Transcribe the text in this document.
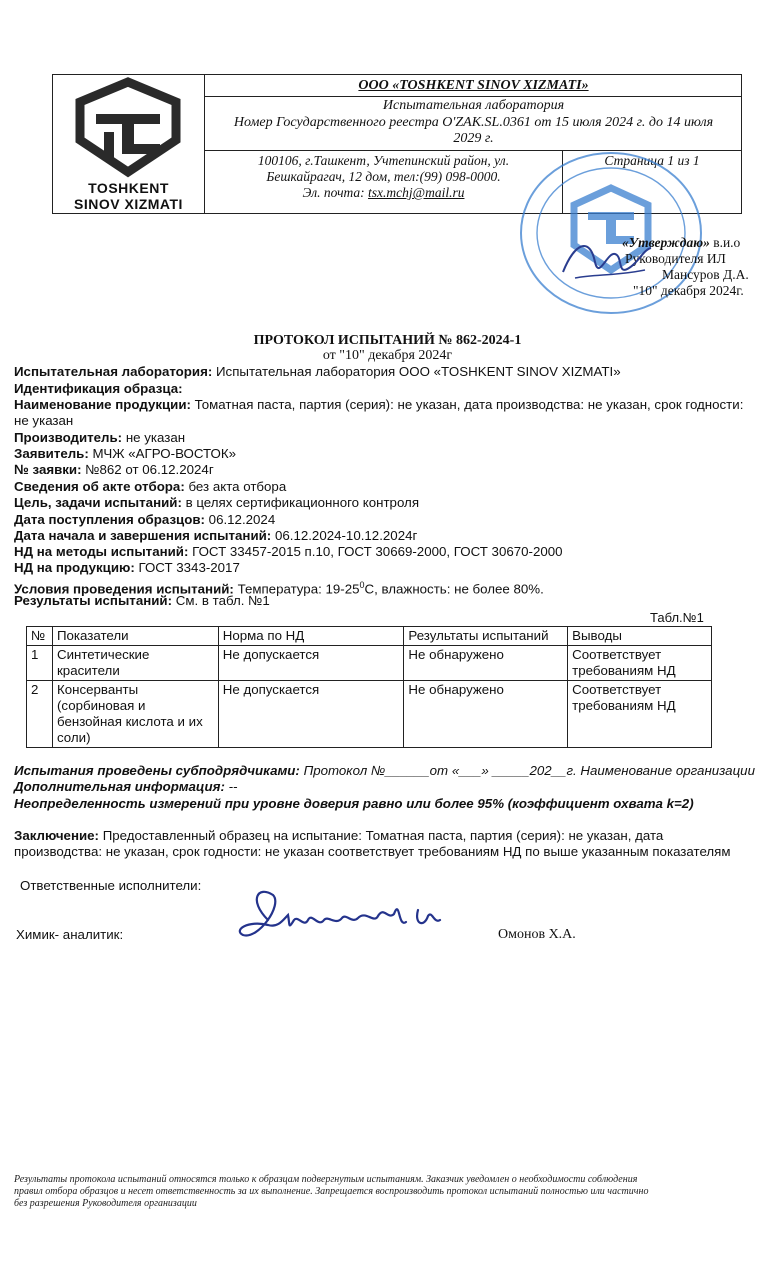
TOSHKENT
SINOV XIZMATI
ООО «TOSHKENT SINOV XIZMATI»
Испытательная лаборатория
Номер Государственного реестра O'ZAK.SL.0361 от 15 июля 2024 г. до 14 июля
2029 г.
100106, г.Ташкент, Учтепинский район, ул.
Бешкайрагач, 12 дом, тел:(99) 098-0000.
Эл. почта: tsx.mchj@mail.ru
Страница 1 из 1
«Утверждаю» в.и.о
Руководителя ИЛ
Мансуров Д.А.
"10" декабря 2024г.
ПРОТОКОЛ ИСПЫТАНИЙ № 862-2024-1
от "10" декабря 2024г
Испытательная лаборатория: Испытательная лаборатория ООО «TOSHKENT SINOV XIZMATI»
Идентификация образца:
Наименование продукции: Томатная паста, партия (серия): не указан, дата производства: не указан, срок годности:
не указан
Производитель: не указан
Заявитель: МЧЖ «АГРО-ВОСТОК»
№ заявки: №862 от 06.12.2024г
Сведения об акте отбора: без акта отбора
Цель, задачи испытаний: в целях сертификационного контроля
Дата поступления образцов: 06.12.2024
Дата начала и завершения испытаний: 06.12.2024-10.12.2024г
НД на методы испытаний: ГОСТ 33457-2015 п.10, ГОСТ 30669-2000, ГОСТ 30670-2000
НД на продукцию: ГОСТ 3343-2017
Условия проведения испытаний: Температура: $19-25^0С$, влажность: не более 80%.
Результаты испытаний: См. в табл. №1
Табл.№1
№	Показатели	Норма по НД	Результаты испытаний	Выводы
1	Синтетические красители	Не допускается	Не обнаружено	Соответствует требованиям НД
2	Консерванты (сорбиновая и бензойная кислота и их соли)	Не допускается	Не обнаружено	Соответствует требованиям НД
Испытания проведены субподрядчиками: Протокол №______от «___» _____202__г. Наименование организации
Дополнительная информация: --
Неопределенность измерений при уровне доверия равно или более 95% (коэффициент охвата k=2)
Заключение: Предоставленный образец на испытание: Томатная паста, партия (серия): не указан, дата
производства: не указан, срок годности: не указан соответствует требованиям НД по выше указанным показателям
Ответственные исполнители:
Химик- аналитик:	Омонов Х.А.
Результаты протокола испытаний относятся только к образцам подвергнутым испытаниям. Заказчик уведомлен о необходимости соблюдения
правил отбора образцов и несет ответственность за их выполнение. Запрещается воспроизводить протокол испытаний полностью или частично
без разрешения Руководителя организации
